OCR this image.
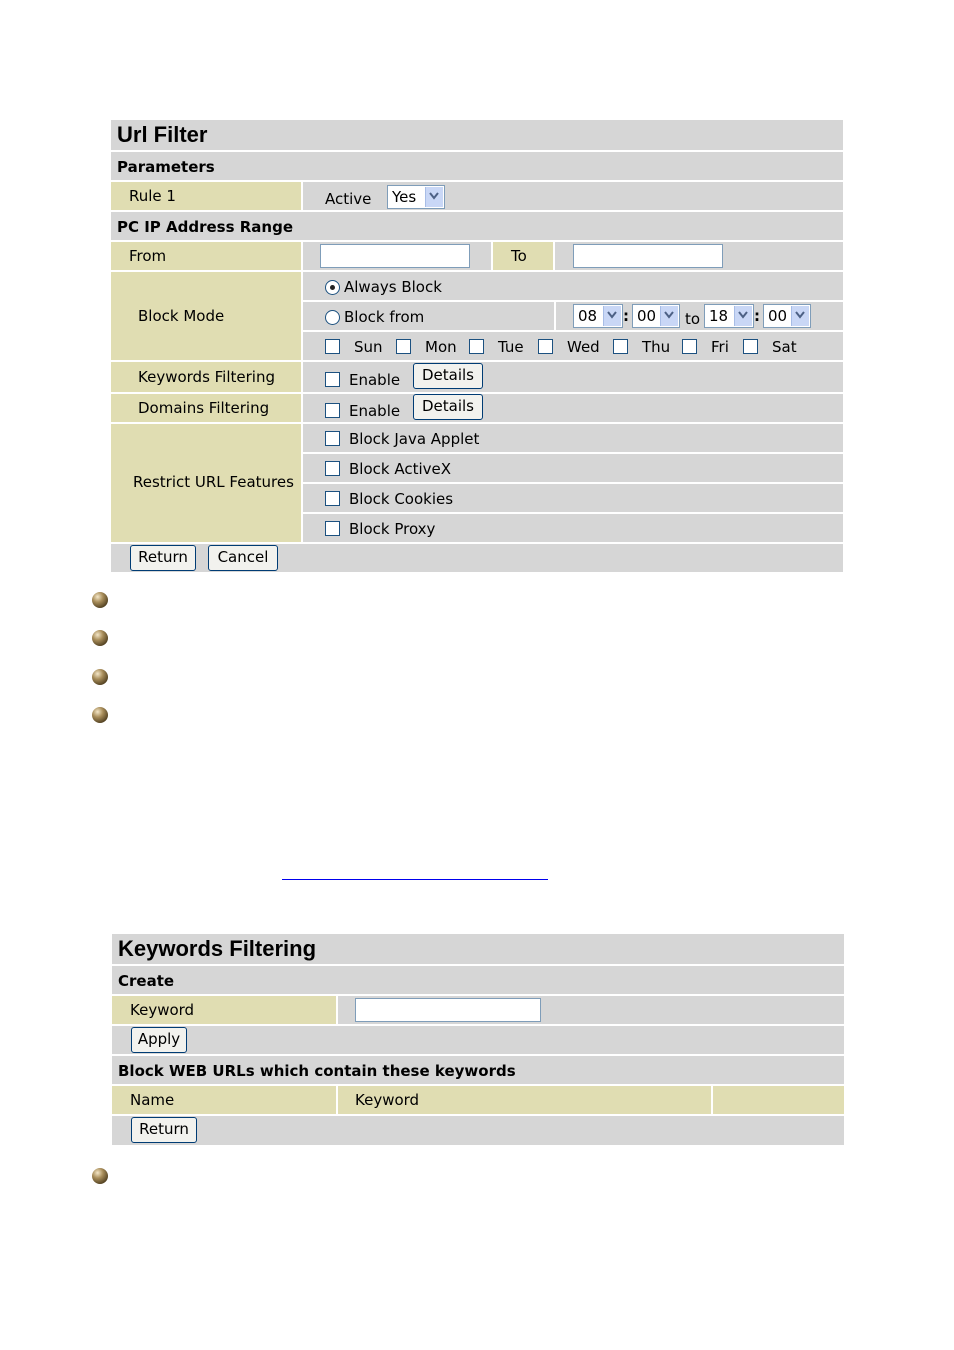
Url Filter
Parameters
Rule 1	Active Yes
PC IP Address Range
From	To
Block Mode
Always Block
Block from	08 : 00 to 18 : 00
Sun	Mon	Tue	Wed	Thu	Fri	Sat
Keywords Filtering	Enable	Details
Domains Filtering	Enable	Details
Restrict URL Features
Block Java Applet
Block ActiveX
Block Cookies
Block Proxy
Return	Cancel
Keywords Filtering
Create
Keyword
Apply
Block WEB URLs which contain these keywords
Name	Keyword
Return
